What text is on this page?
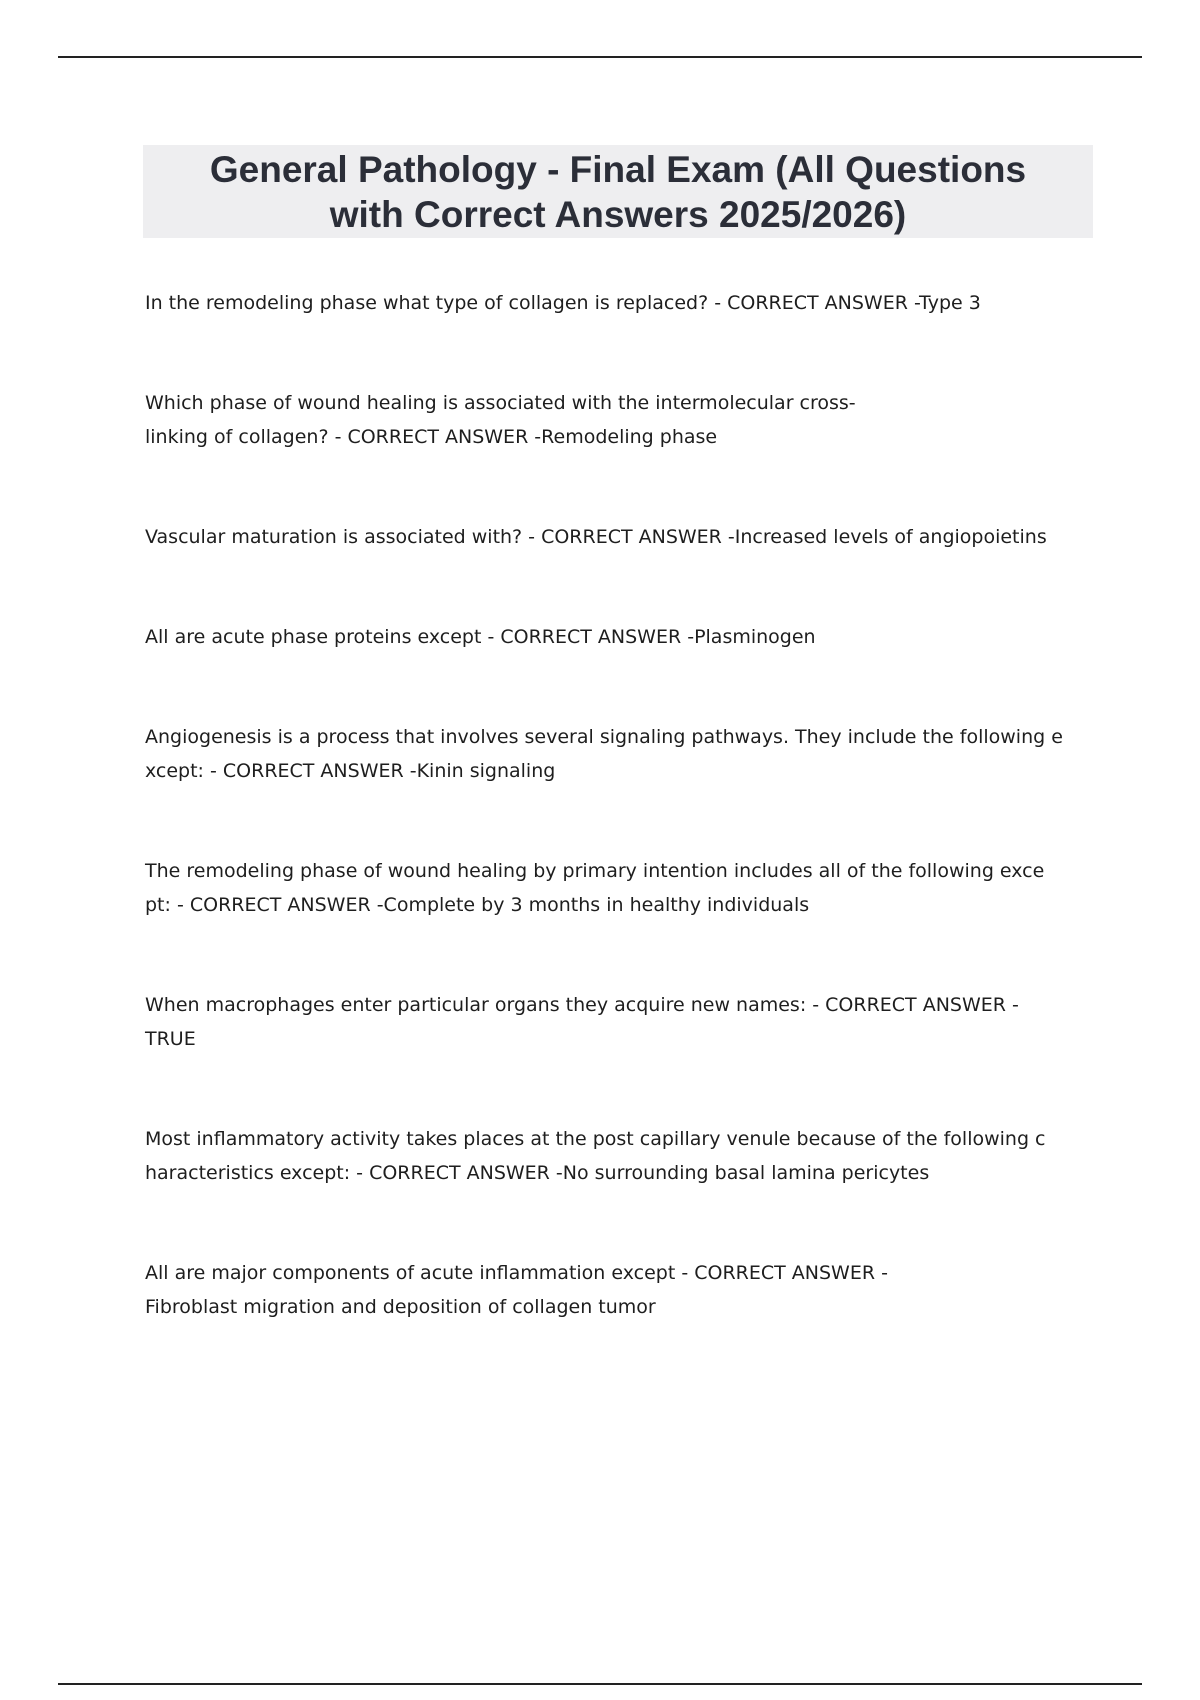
General Pathology - Final Exam (All Questions
with Correct Answers 2025/2026)

In the remodeling phase what type of collagen is replaced? - CORRECT ANSWER -Type 3

Which phase of wound healing is associated with the intermolecular cross-
linking of collagen? - CORRECT ANSWER -Remodeling phase

Vascular maturation is associated with? - CORRECT ANSWER -Increased levels of angiopoietins

All are acute phase proteins except - CORRECT ANSWER -Plasminogen

Angiogenesis is a process that involves several signaling pathways. They include the following e
xcept: - CORRECT ANSWER -Kinin signaling

The remodeling phase of wound healing by primary intention includes all of the following exce
pt: - CORRECT ANSWER -Complete by 3 months in healthy individuals

When macrophages enter particular organs they acquire new names: - CORRECT ANSWER -
TRUE

Most inflammatory activity takes places at the post capillary venule because of the following c
haracteristics except: - CORRECT ANSWER -No surrounding basal lamina pericytes

All are major components of acute inflammation except - CORRECT ANSWER -
Fibroblast migration and deposition of collagen tumor
